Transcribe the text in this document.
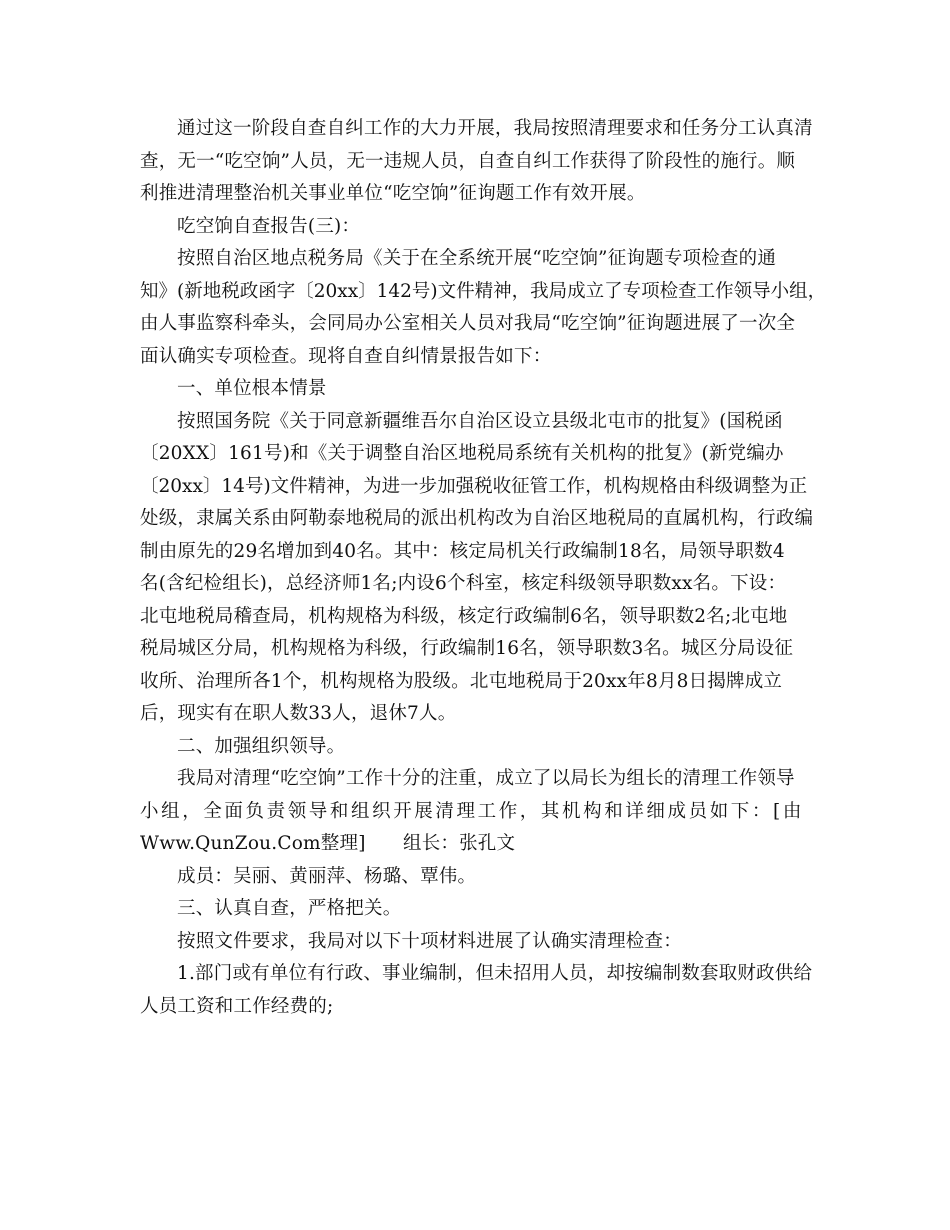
通过这一阶段自查自纠工作的大力开展，我局按照清理要求和任务分工认真清
查，无一“吃空饷”人员，无一违规人员，自查自纠工作获得了阶段性的施行。顺
利推进清理整治机关事业单位“吃空饷”征询题工作有效开展。
吃空饷自查报告(三)：
按照自治区地点税务局《关于在全系统开展“吃空饷”征询题专项检查的通
知》(新地税政函字〔20xx〕142号)文件精神，我局成立了专项检查工作领导小组，
由人事监察科牵头，会同局办公室相关人员对我局“吃空饷”征询题进展了一次全
面认确实专项检查。现将自查自纠情景报告如下：
一、单位根本情景
按照国务院《关于同意新疆维吾尔自治区设立县级北屯市的批复》(国税函
〔20XX〕161号)和《关于调整自治区地税局系统有关机构的批复》(新党编办
〔20xx〕14号)文件精神，为进一步加强税收征管工作，机构规格由科级调整为正
处级，隶属关系由阿勒泰地税局的派出机构改为自治区地税局的直属机构，行政编
制由原先的29名增加到40名。其中：核定局机关行政编制18名，局领导职数4
名(含纪检组长)，总经济师1名;内设6个科室，核定科级领导职数xx名。下设：
北屯地税局稽查局，机构规格为科级，核定行政编制6名，领导职数2名;北屯地
税局城区分局，机构规格为科级，行政编制16名，领导职数3名。城区分局设征
收所、治理所各1个，机构规格为股级。北屯地税局于20xx年8月8日揭牌成立
后，现实有在职人数33人，退休7人。
二、加强组织领导。
我局对清理“吃空饷”工作十分的注重，成立了以局长为组长的清理工作领导
小组，全面负责领导和组织开展清理工作，其机构和详细成员如下：[由
Www.QunZou.Com整理]　　组长：张孔文
成员：吴丽、黄丽萍、杨璐、覃伟。
三、认真自查，严格把关。
按照文件要求，我局对以下十项材料进展了认确实清理检查：
1.部门或有单位有行政、事业编制，但未招用人员，却按编制数套取财政供给
人员工资和工作经费的;
